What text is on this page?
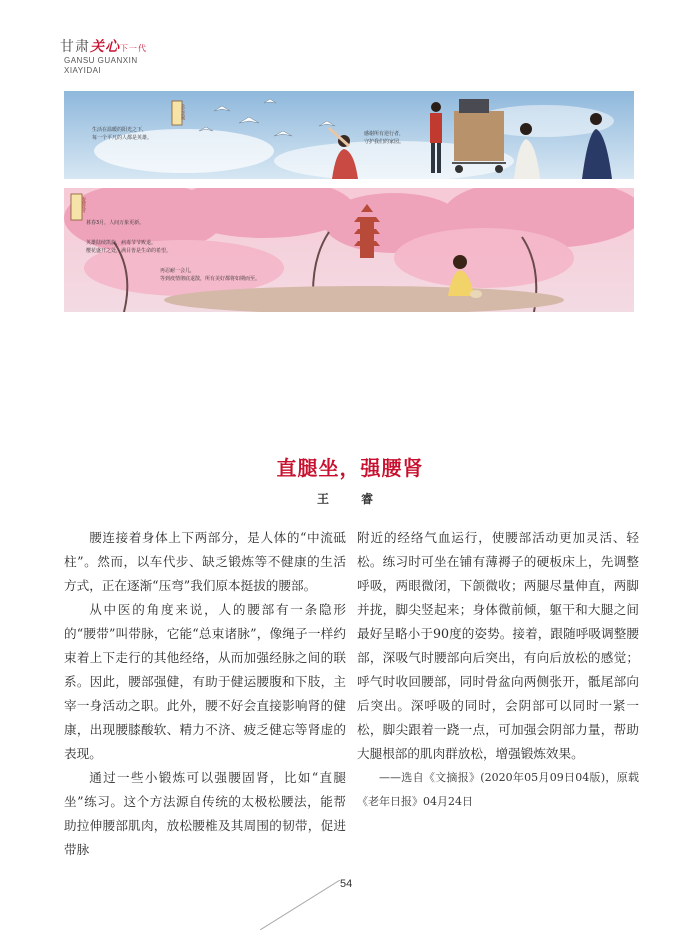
甘肃关心下一代
GANSU GUANXIN
XIAYIDAI
众志成城
生活在温暖的阳光之下，
每一个平凡的人都是英雄。
感谢所有逆行者，
守护我们的家园。
春暖花开
暮春3月，人间万象更新。
英雄陆续凯旋，病毒节节败退。
樱花盛开之处，满目皆是生命的希望。
再忍耐一会儿，
等到疫情彻底退散，所有美好都将如期而至。
直腿坐，强腰肾
王　睿

腰连接着身体上下两部分，是人体的“中流砥柱”。然而，以车代步、缺乏锻炼等不健康的生活方式，正在逐渐“压弯”我们原本挺拔的腰部。

从中医的角度来说，人的腰部有一条隐形的“腰带”叫带脉，它能“总束诸脉”，像绳子一样约束着上下走行的其他经络，从而加强经脉之间的联系。因此，腰部强健，有助于健运腰腹和下肢，主宰一身活动之职。此外，腰不好会直接影响肾的健康，出现腰膝酸软、精力不济、疲乏健忘等肾虚的表现。

通过一些小锻炼可以强腰固肾，比如“直腿坐”练习。这个方法源自传统的太极松腰法，能帮助拉伸腰部肌肉，放松腰椎及其周围的韧带，促进带脉

附近的经络气血运行，使腰部活动更加灵活、轻松。练习时可坐在铺有薄褥子的硬板床上，先调整呼吸，两眼微闭，下颌微收；两腿尽量伸直，两脚并拢，脚尖竖起来；身体微前倾，躯干和大腿之间最好呈略小于90度的姿势。接着，跟随呼吸调整腰部，深吸气时腰部向后突出，有向后放松的感觉；呼气时收回腰部，同时骨盆向两侧张开，骶尾部向后突出。深呼吸的同时，会阴部可以同时一紧一松，脚尖跟着一跷一点，可加强会阴部力量，帮助大腿根部的肌肉群放松，增强锻炼效果。

——选自《文摘报》(2020年05月09日04版)，原载《老年日报》04月24日

54
